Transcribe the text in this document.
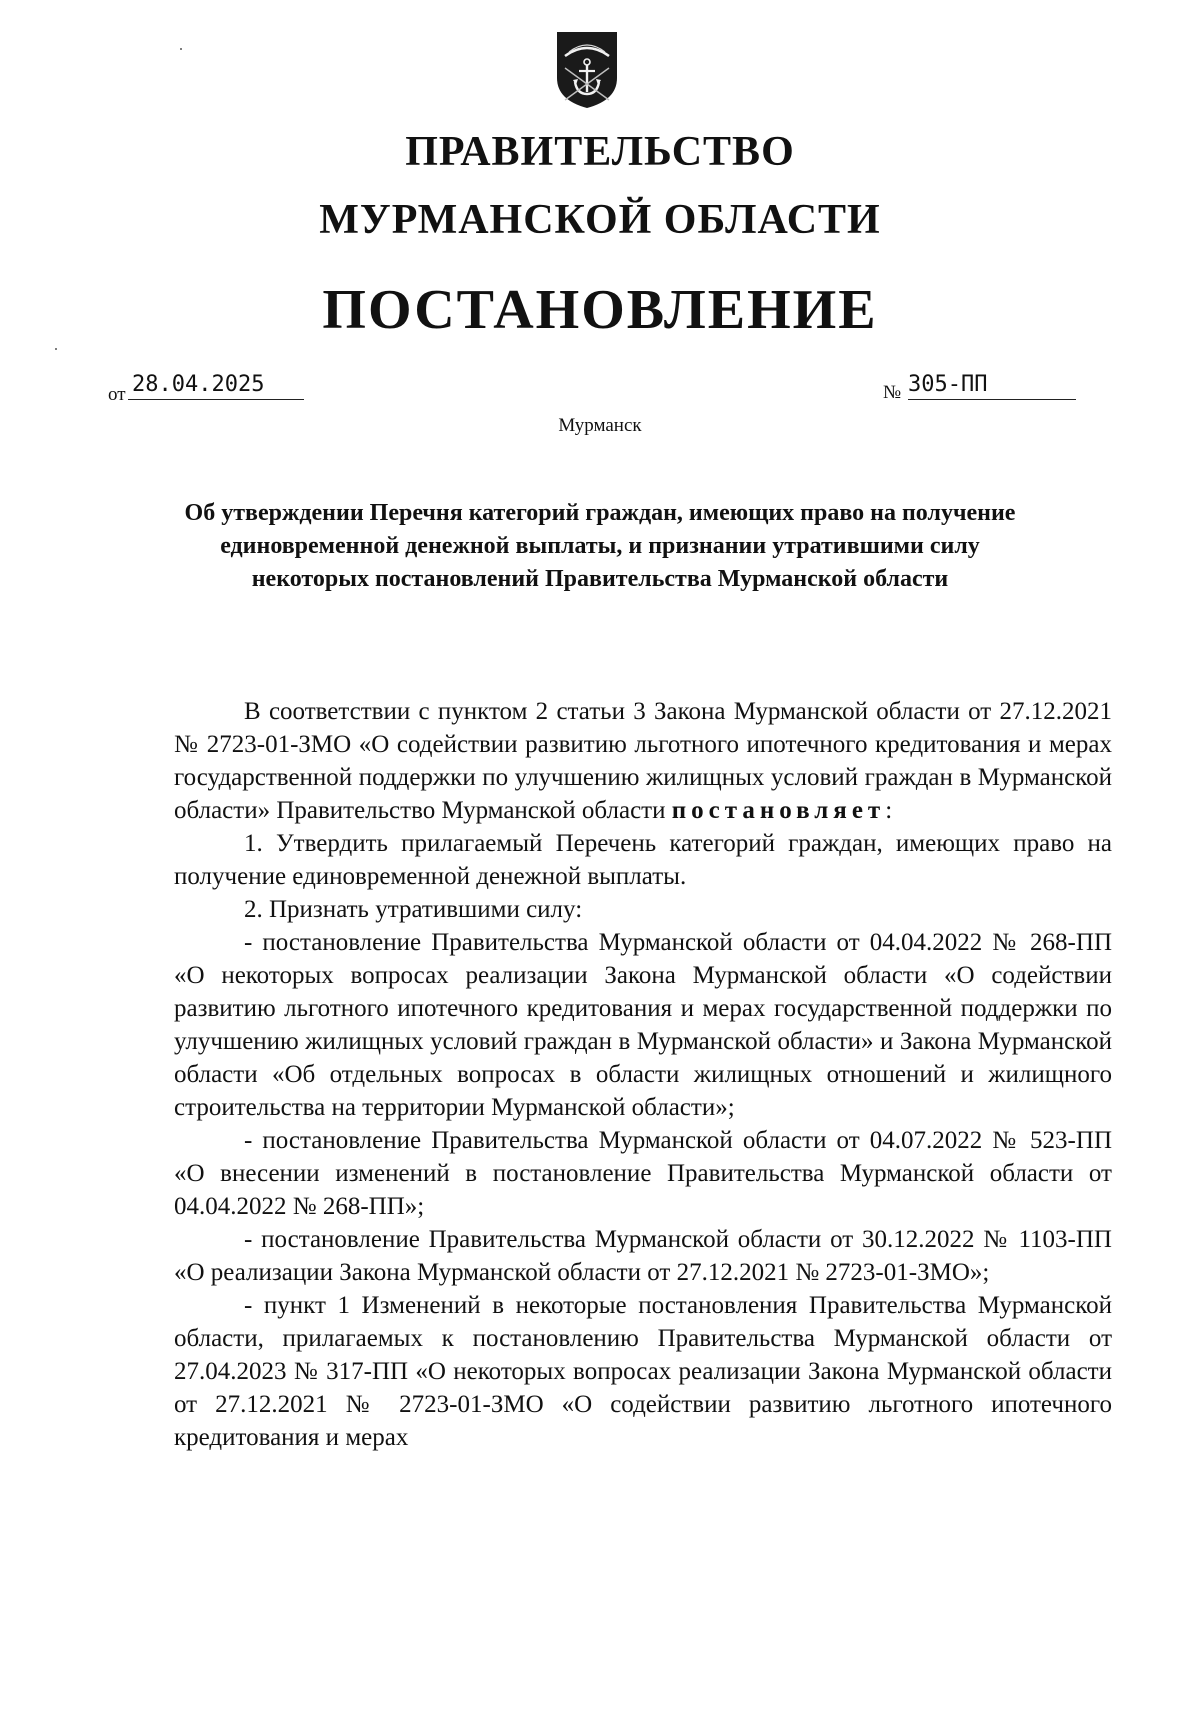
ПРАВИТЕЛЬСТВО
МУРМАНСКОЙ ОБЛАСТИ
ПОСТАНОВЛЕНИЕ
от 28.04.2025	№ 305-ПП
Мурманск
Об утверждении Перечня категорий граждан, имеющих право на получение единовременной денежной выплаты, и признании утратившими силу некоторых постановлений Правительства Мурманской области

В соответствии с пунктом 2 статьи 3 Закона Мурманской области от 27.12.2021 № 2723-01-ЗМО «О содействии развитию льготного ипотечного кредитования и мерах государственной поддержки по улучшению жилищных условий граждан в Мурманской области» Правительство Мурманской области постановляет:

1. Утвердить прилагаемый Перечень категорий граждан, имеющих право на получение единовременной денежной выплаты.

2. Признать утратившими силу:

- постановление Правительства Мурманской области от 04.04.2022 № 268-ПП «О некоторых вопросах реализации Закона Мурманской области «О содействии развитию льготного ипотечного кредитования и мерах государственной поддержки по улучшению жилищных условий граждан в Мурманской области» и Закона Мурманской области «Об отдельных вопросах в области жилищных отношений и жилищного строительства на территории Мурманской области»;

- постановление Правительства Мурманской области от 04.07.2022 № 523-ПП «О внесении изменений в постановление Правительства Мурманской области от 04.04.2022 № 268-ПП»;

- постановление Правительства Мурманской области от 30.12.2022 № 1103-ПП «О реализации Закона Мурманской области от 27.12.2021 № 2723-01-ЗМО»;

- пункт 1 Изменений в некоторые постановления Правительства Мурманской области, прилагаемых к постановлению Правительства Мурманской области от 27.04.2023 № 317-ПП «О некоторых вопросах реализации Закона Мурманской области от 27.12.2021 № 2723-01-ЗМО «О содействии развитию льготного ипотечного кредитования и мерах
